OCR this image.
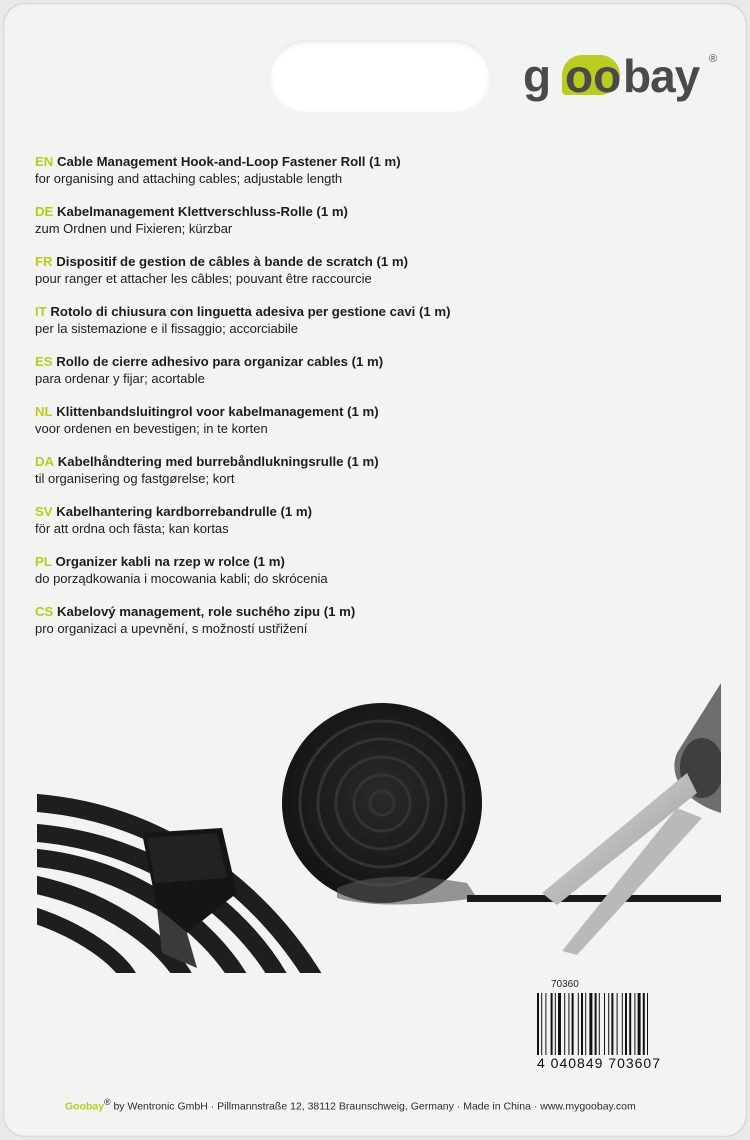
g oo bay ®
EN Cable Management Hook-and-Loop Fastener Roll (1 m)
for organising and attaching cables; adjustable length
DE Kabelmanagement Klettverschluss-Rolle (1 m)
zum Ordnen und Fixieren; kürzbar
FR Dispositif de gestion de câbles à bande de scratch (1 m)
pour ranger et attacher les câbles; pouvant être raccourcie
IT Rotolo di chiusura con linguetta adesiva per gestione cavi (1 m)
per la sistemazione e il fissaggio; accorciabile
ES Rollo de cierre adhesivo para organizar cables (1 m)
para ordenar y fijar; acortable
NL Klittenbandsluitingrol voor kabelmanagement (1 m)
voor ordenen en bevestigen; in te korten
DA Kabelhåndtering med burrebåndlukningsrulle (1 m)
til organisering og fastgørelse; kort
SV Kabelhantering kardborrebandrulle (1 m)
för att ordna och fästa; kan kortas
PL Organizer kabli na rzep w rolce (1 m)
do porządkowania i mocowania kabli; do skrócenia
CS Kabelový management, role suchého zipu (1 m)
pro organizaci a upevnění, s možností ustřižení
70360
4 040849 703607
Goobay® by Wentronic GmbH · Pillmannstraße 12, 38112 Braunschweig, Germany · Made in China · www.mygoobay.com
